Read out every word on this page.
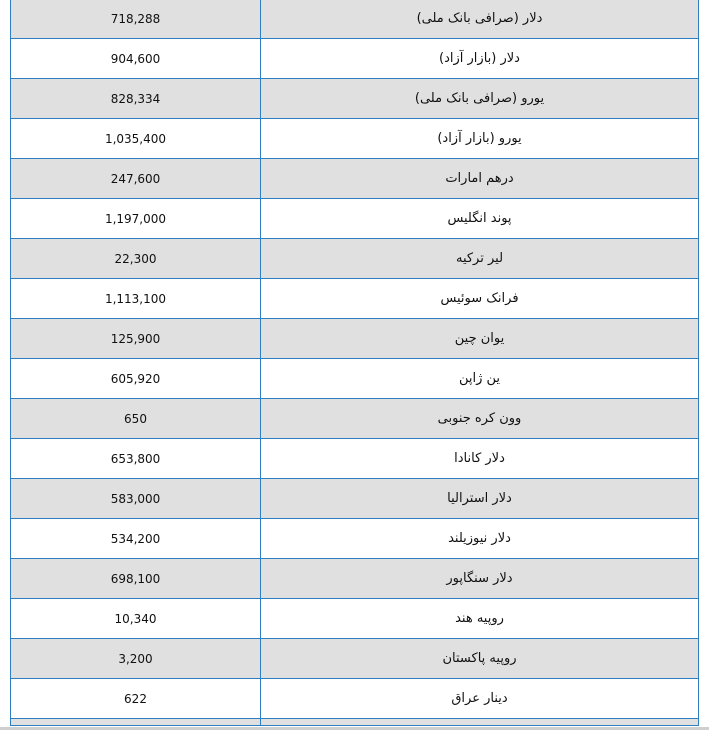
718,288	دلار (صرافی بانک ملی)
904,600	دلار (بازار آزاد)
828,334	یورو (صرافی بانک ملی)
1,035,400	یورو (بازار آزاد)
247,600	درهم امارات
1,197,000	پوند انگلیس
22,300	لیر ترکیه
1,113,100	فرانک سوئیس
125,900	یوان چین
605,920	ین ژاپن
650	وون کره جنوبی
653,800	دلار کانادا
583,000	دلار استرالیا
534,200	دلار نیوزیلند
698,100	دلار سنگاپور
10,340	روپیه هند
3,200	روپیه پاکستان
622	دینار عراق
